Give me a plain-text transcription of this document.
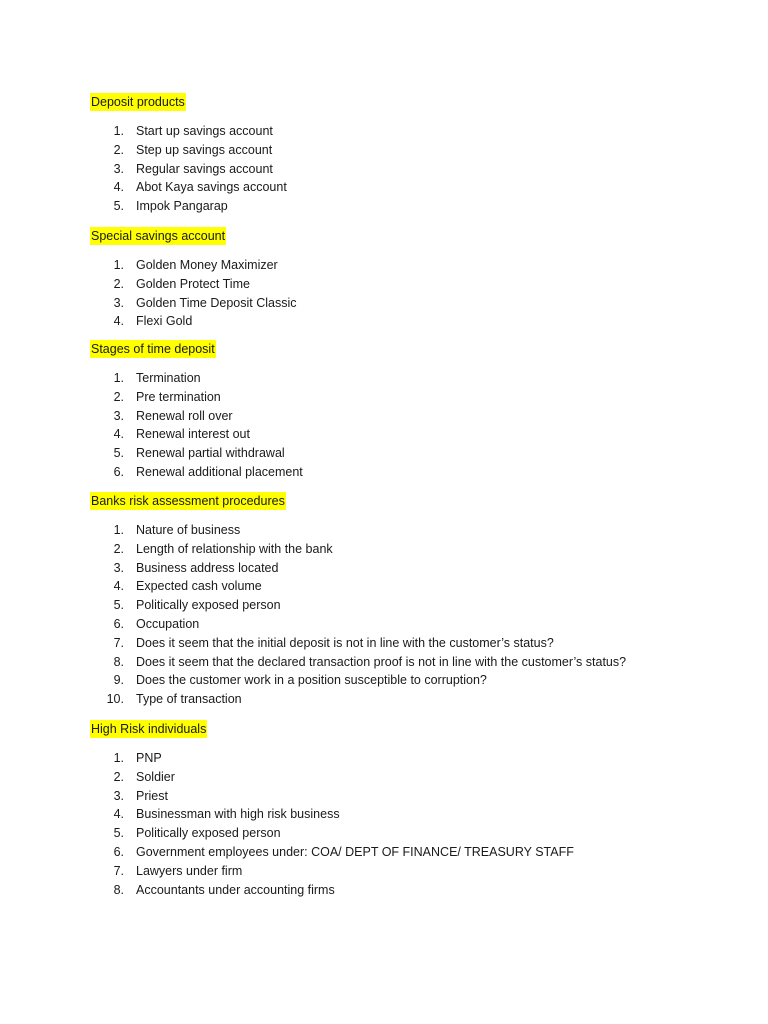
Deposit products
1. Start up savings account
2. Step up savings account
3. Regular savings account
4. Abot Kaya savings account
5. Impok Pangarap
Special savings account
1. Golden Money Maximizer
2. Golden Protect Time
3. Golden Time Deposit Classic
4. Flexi Gold
Stages of time deposit
1. Termination
2. Pre termination
3. Renewal roll over
4. Renewal interest out
5. Renewal partial withdrawal
6. Renewal additional placement
Banks risk assessment procedures
1. Nature of business
2. Length of relationship with the bank
3. Business address located
4. Expected cash volume
5. Politically exposed person
6. Occupation
7. Does it seem that the initial deposit is not in line with the customer’s status?
8. Does it seem that the declared transaction proof is not in line with the customer’s status?
9. Does the customer work in a position susceptible to corruption?
10. Type of transaction
High Risk individuals
1. PNP
2. Soldier
3. Priest
4. Businessman with high risk business
5. Politically exposed person
6. Government employees under: COA/ DEPT OF FINANCE/ TREASURY STAFF
7. Lawyers under firm
8. Accountants under accounting firms
